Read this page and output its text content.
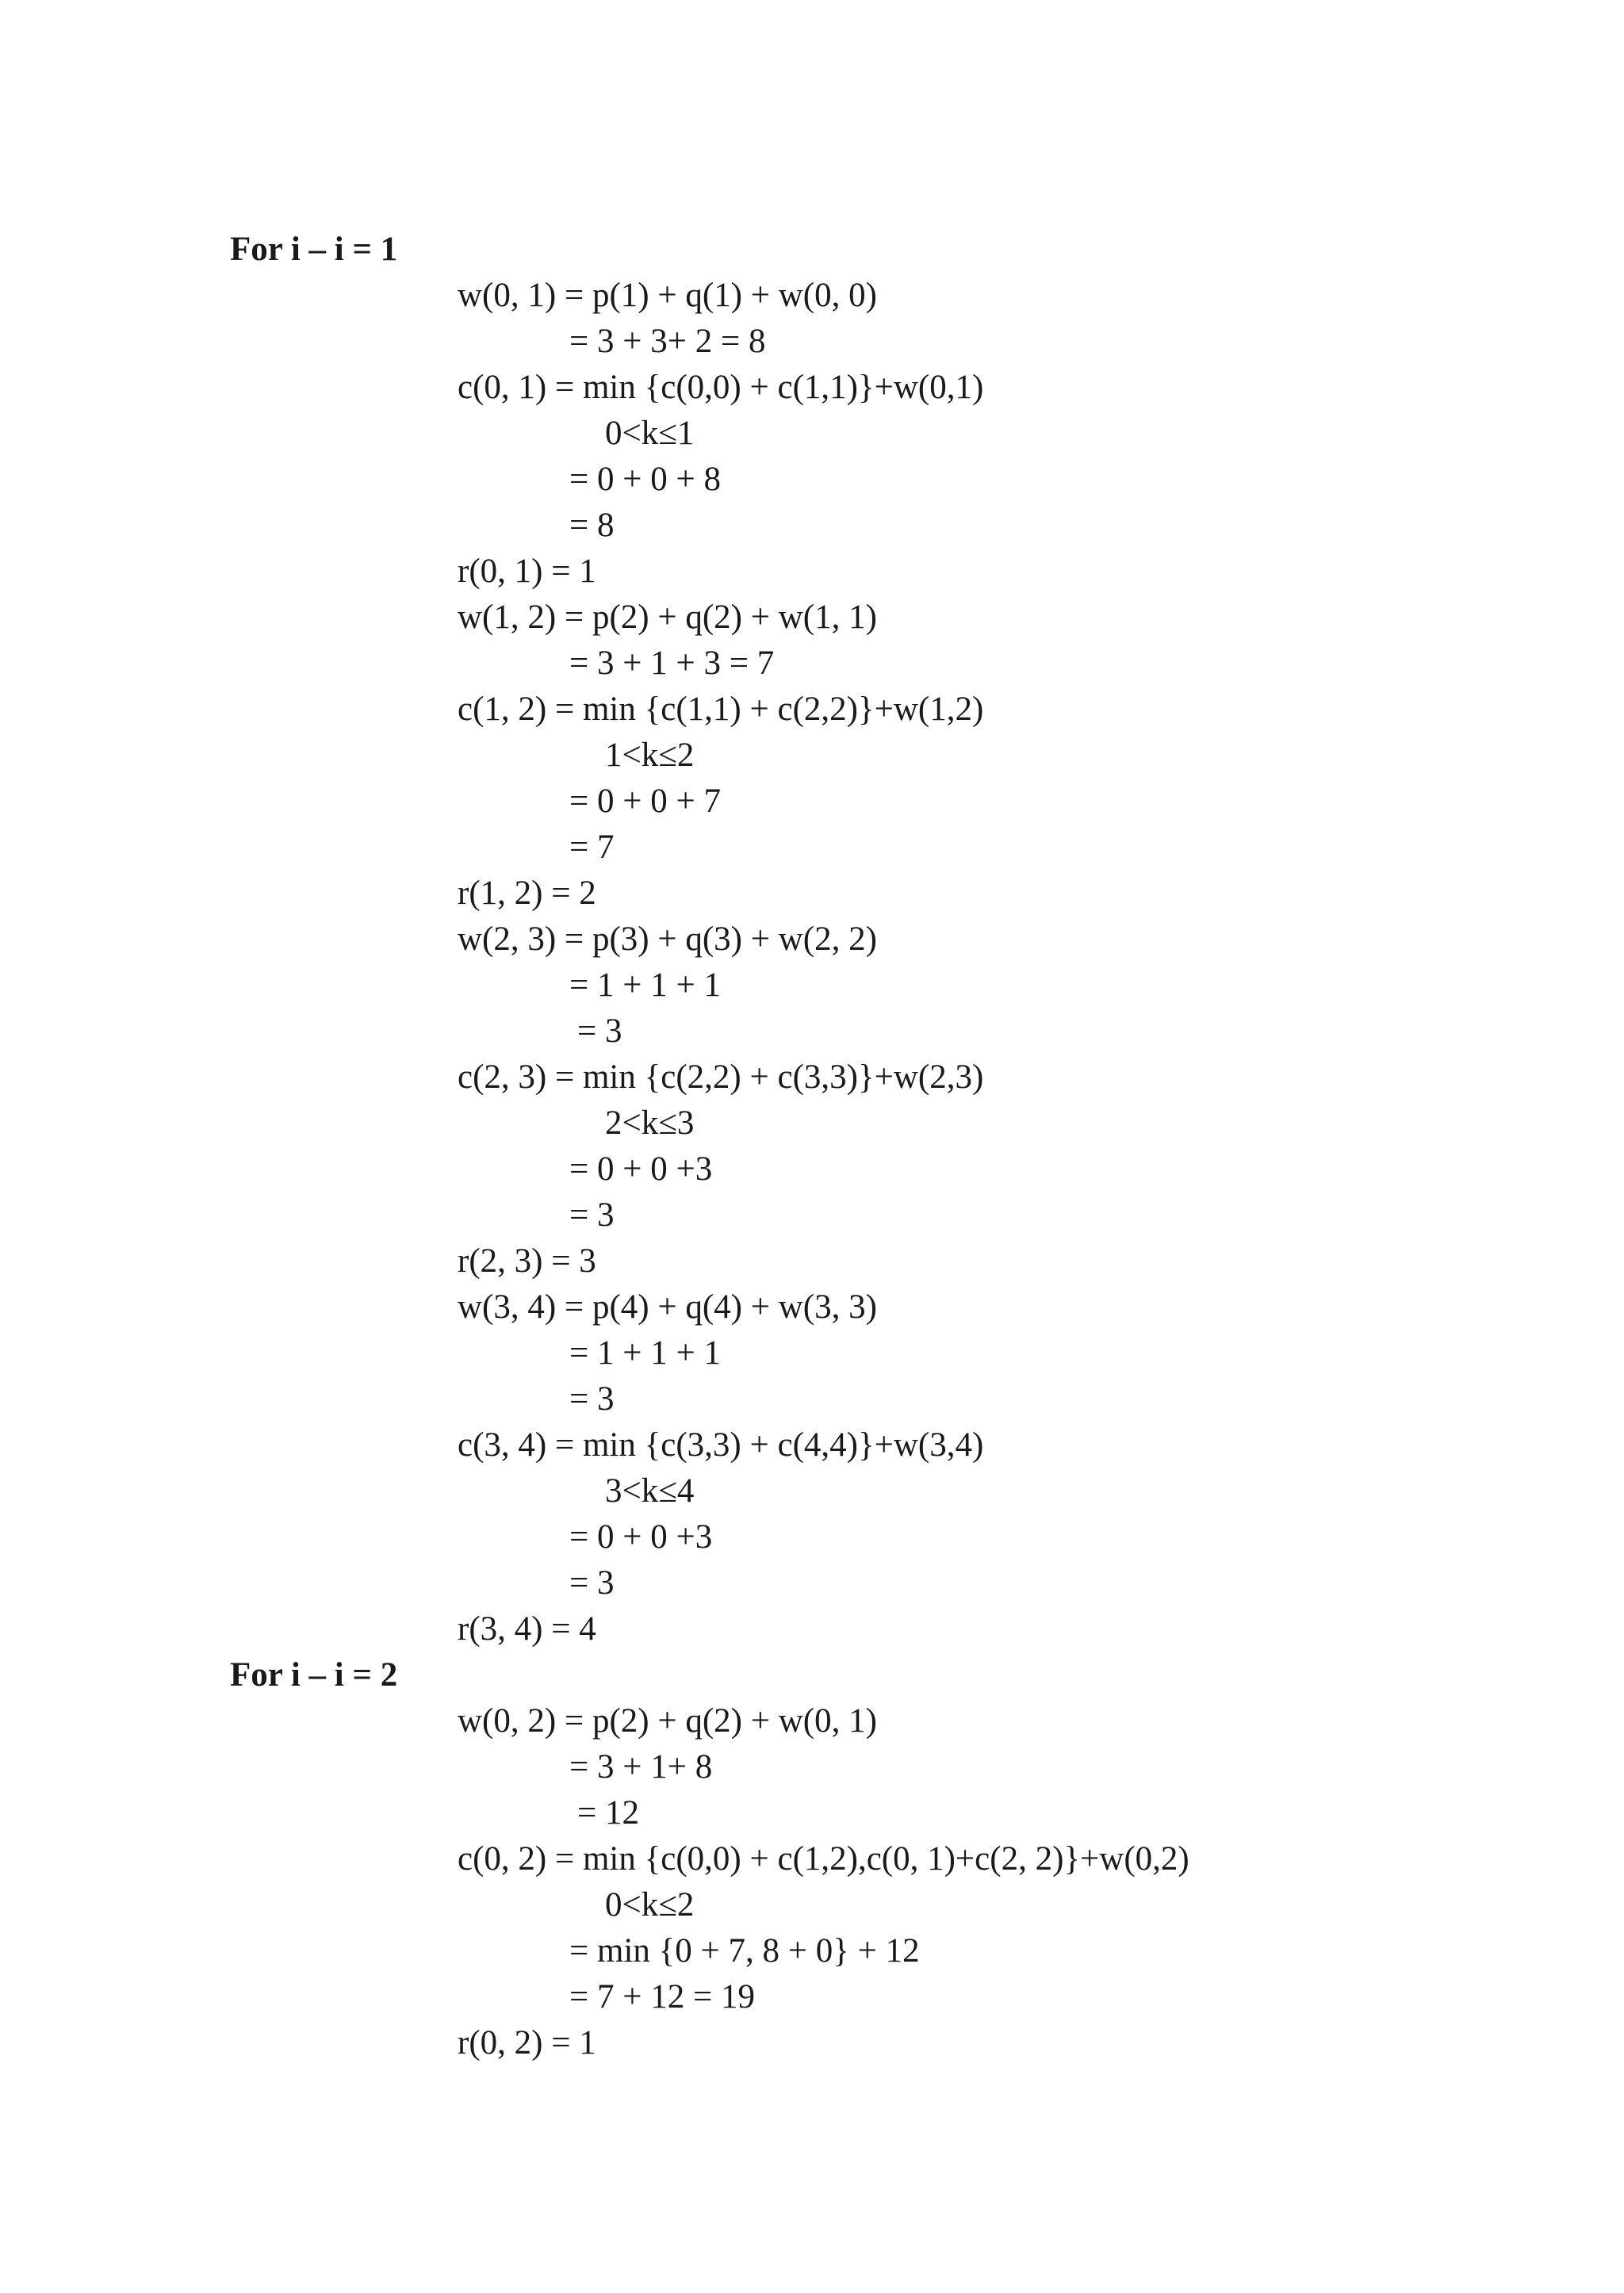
For i – i = 1
w(0, 1) = p(1) + q(1) + w(0, 0)
= 3 + 3+ 2 = 8
c(0, 1) = min {c(0,0) + c(1,1)}+w(0,1)
0<k≤1
= 0 + 0 + 8
= 8
r(0, 1) = 1
w(1, 2) = p(2) + q(2) + w(1, 1)
= 3 + 1 + 3 = 7
c(1, 2) = min {c(1,1) + c(2,2)}+w(1,2)
1<k≤2
= 0 + 0 + 7
= 7
r(1, 2) = 2
w(2, 3) = p(3) + q(3) + w(2, 2)
= 1 + 1 + 1
= 3
c(2, 3) = min {c(2,2) + c(3,3)}+w(2,3)
2<k≤3
= 0 + 0 +3
= 3
r(2, 3) = 3
w(3, 4) = p(4) + q(4) + w(3, 3)
= 1 + 1 + 1
= 3
c(3, 4) = min {c(3,3) + c(4,4)}+w(3,4)
3<k≤4
= 0 + 0 +3
= 3
r(3, 4) = 4
For i – i = 2
w(0, 2) = p(2) + q(2) + w(0, 1)
= 3 + 1+ 8
= 12
c(0, 2) = min {c(0,0) + c(1,2),c(0, 1)+c(2, 2)}+w(0,2)
0<k≤2
= min {0 + 7, 8 + 0} + 12
= 7 + 12 = 19
r(0, 2) = 1
